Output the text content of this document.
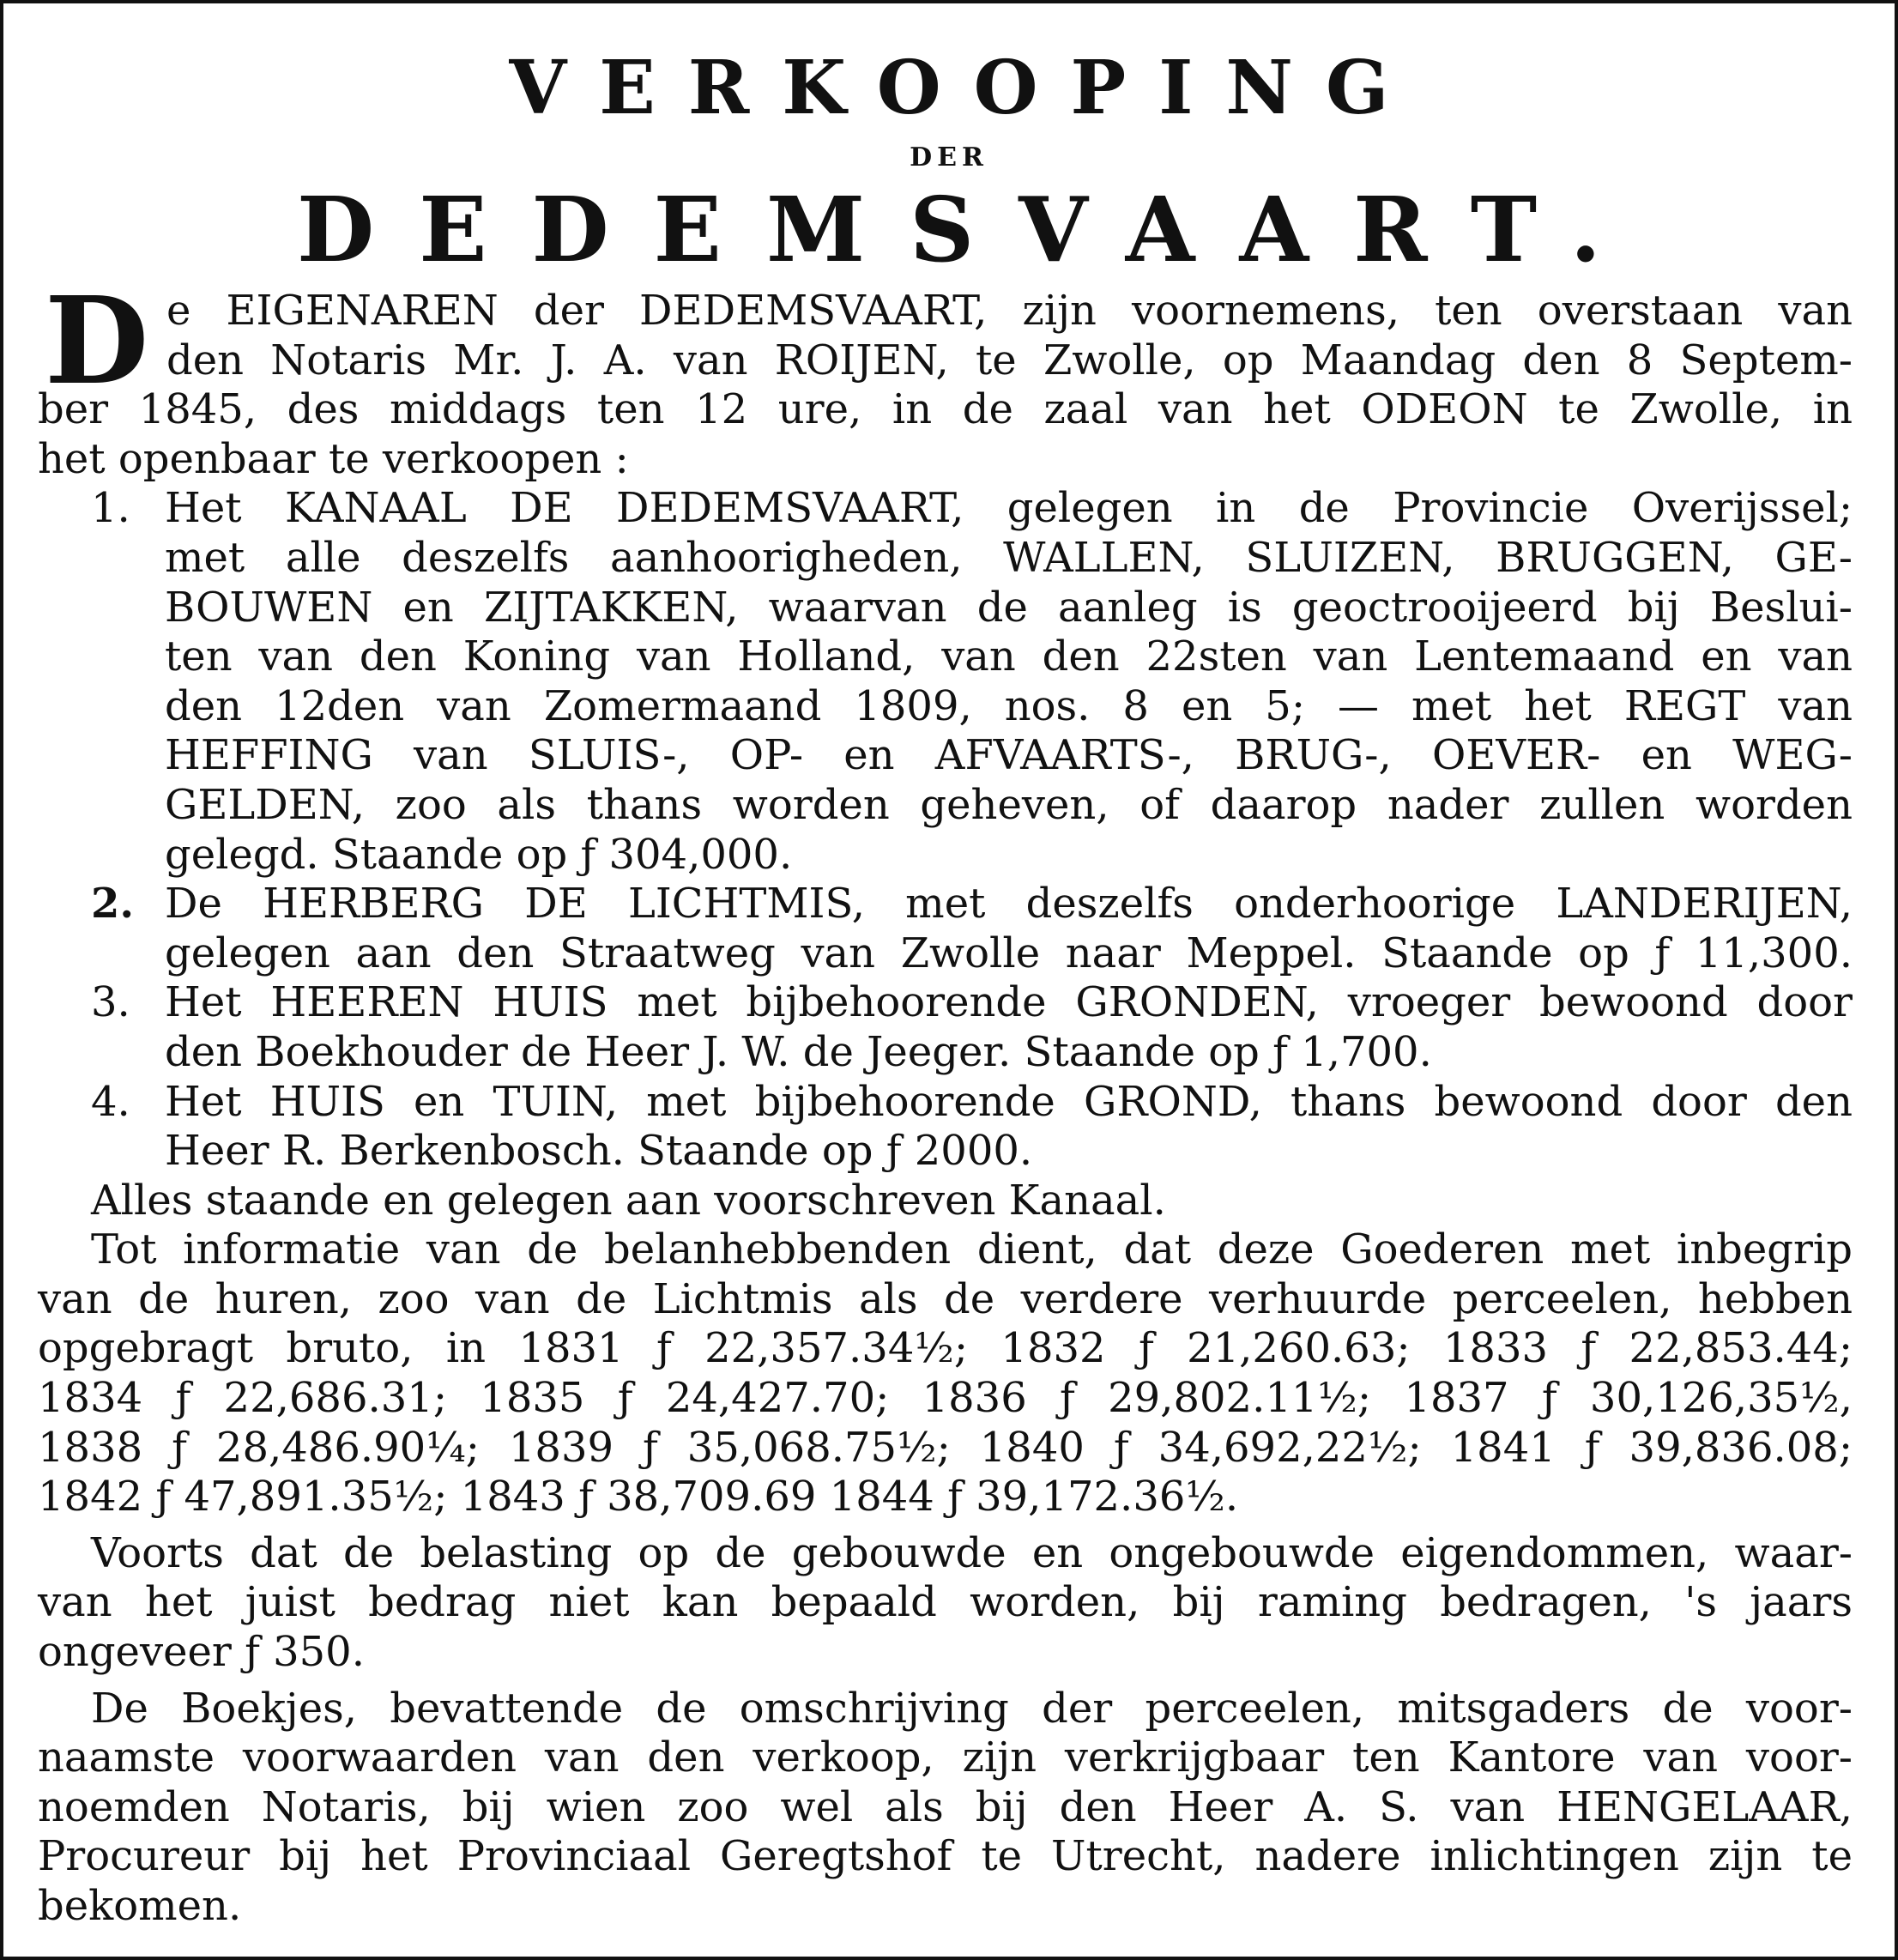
VERKOOPING
DER
DEDEMSVAART.
D e EIGENAREN der DEDEMSVAART, zijn voornemens, ten overstaan van
den Notaris Mr. J. A. van ROIJEN, te Zwolle, op Maandag den 8 Septem-
ber 1845, des middags ten 12 ure, in de zaal van het ODEON te Zwolle, in
het openbaar te verkoopen :
1. Het KANAAL DE DEDEMSVAART, gelegen in de Provincie Overijssel;
met alle deszelfs aanhoorigheden, WALLEN, SLUIZEN, BRUGGEN, GE-
BOUWEN en ZIJTAKKEN, waarvan de aanleg is geoctrooijeerd bij Beslui-
ten van den Koning van Holland, van den 22sten van Lentemaand en van
den 12den van Zomermaand 1809, nos. 8 en 5; — met het REGT van
HEFFING van SLUIS-, OP- en AFVAARTS-, BRUG-, OEVER- en WEG-
GELDEN, zoo als thans worden geheven, of daarop nader zullen worden
gelegd. Staande op ƒ 304,000.
2. De HERBERG DE LICHTMIS, met deszelfs onderhoorige LANDERIJEN,
gelegen aan den Straatweg van Zwolle naar Meppel. Staande op ƒ 11,300.
3. Het HEEREN HUIS met bijbehoorende GRONDEN, vroeger bewoond door
den Boekhouder de Heer J. W. de Jeeger. Staande op ƒ 1,700.
4. Het HUIS en TUIN, met bijbehoorende GROND, thans bewoond door den
Heer R. Berkenbosch. Staande op ƒ 2000.
Alles staande en gelegen aan voorschreven Kanaal.
Tot informatie van de belanhebbenden dient, dat deze Goederen met inbegrip
van de huren, zoo van de Lichtmis als de verdere verhuurde perceelen, hebben
opgebragt bruto, in 1831 ƒ 22,357.34½; 1832 ƒ 21,260.63; 1833 ƒ 22,853.44;
1834 ƒ 22,686.31; 1835 ƒ 24,427.70; 1836 ƒ 29,802.11½; 1837 ƒ 30,126,35½,
1838 ƒ 28,486.90¼; 1839 ƒ 35,068.75½; 1840 ƒ 34,692,22½; 1841 ƒ 39,836.08;
1842 ƒ 47,891.35½; 1843 ƒ 38,709.69 1844 ƒ 39,172.36½.
Voorts dat de belasting op de gebouwde en ongebouwde eigendommen, waar-
van het juist bedrag niet kan bepaald worden, bij raming bedragen, 's jaars
ongeveer ƒ 350.
De Boekjes, bevattende de omschrijving der perceelen, mitsgaders de voor-
naamste voorwaarden van den verkoop, zijn verkrijgbaar ten Kantore van voor-
noemden Notaris, bij wien zoo wel als bij den Heer A. S. van HENGELAAR,
Procureur bij het Provinciaal Geregtshof te Utrecht, nadere inlichtingen zijn te
bekomen.
